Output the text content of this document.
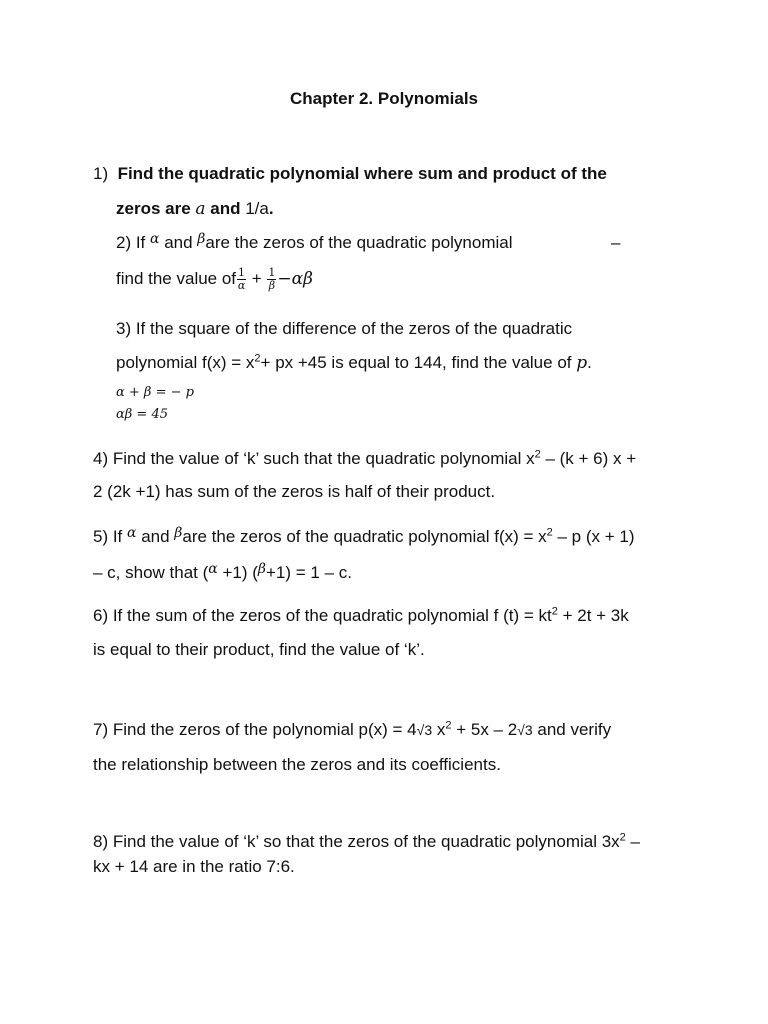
Chapter 2. Polynomials
1) Find the quadratic polynomial where sum and product of the
zeros are a and 1/a.
2) If $^\alpha$ and $^\beta$are the zeros of the quadratic polynomial	–
find the value of $\frac{1}{\alpha} + \frac{1}{\beta} -\alpha\beta$
3) If the square of the difference of the zeros of the quadratic
polynomial $f(x) = x^2+$ px +45 is equal to 144, find the value of p.
α + β = − p
αβ = 45
4) Find the value of ‘k’ such that the quadratic polynomial $x^2 - (k + 6) x$ +
2 (2k +1) has sum of the zeros is half of their product.
5) If $^\alpha$ and $^\beta$are the zeros of the quadratic polynomial $f(x) = x^2 - p$ (x + 1)
– c, show that ($^\alpha$ +1) ($^\beta$+1) = 1 – c.
6) If the sum of the zeros of the quadratic polynomial f $(t) = kt^2 + 2t + 3k$
is equal to their product, find the value of ‘k’.
7) Find the zeros of the polynomial p(x) = 4√3 $x^2 + 5x - 2√3$ and verify
the relationship between the zeros and its coefficients.
8) Find the value of ‘k’ so that the zeros of the quadratic polynomial $3x^2$ –
kx + 14 are in the ratio 7:6.
